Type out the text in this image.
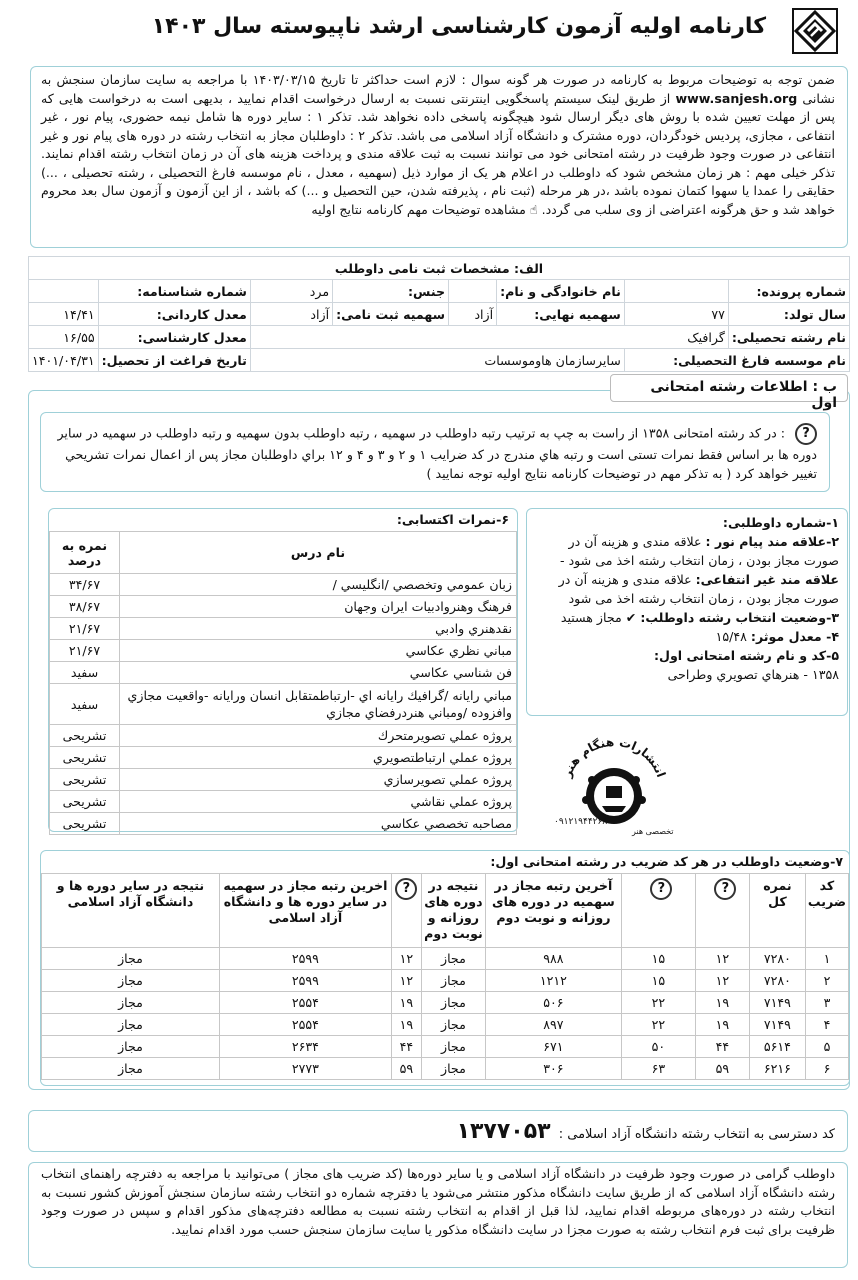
کارنامه اولیه آزمون کارشناسی ارشد ناپیوسته سال ۱۴۰۳
ضمن توجه به توضیحات مربوط به کارنامه در صورت هر گونه سوال : لازم است حداکثر تا تاریخ ۱۴۰۳/۰۳/۱۵ با مراجعه به سایت سازمان سنجش به نشانی www.sanjesh.org از طریق لینک سیستم پاسخگویی اینترنتی نسبت به ارسال درخواست اقدام نمایید ، بدیهی است به درخواست هایی که پس از مهلت تعیین شده با روش های دیگر ارسال شود هیچگونه پاسخی داده نخواهد شد. تذکر ۱ : سایر دوره ها شامل نیمه حضوری، پیام نور ، غیر انتفاعی ، مجازی، پردیس خودگردان، دوره مشترک و دانشگاه آزاد اسلامی می باشد. تذکر ۲ : داوطلبان مجاز به انتخاب رشته در دوره های پیام نور و غیر انتفاعی در صورت وجود ظرفیت در رشته امتحانی خود می توانند نسبت به ثبت علاقه مندی و پرداخت هزینه های آن در زمان انتخاب رشته اقدام نمایند. تذکر خیلی مهم : هر زمان مشخص شود که داوطلب در اعلام هر یک از موارد ذیل (سهمیه ، معدل ، نام موسسه فارغ التحصیلی ، رشته تحصیلی ، ...) حقایقی را عمدا یا سهوا کتمان نموده باشد ،در هر مرحله (ثبت نام ، پذیرفته شدن، حین التحصیل و ...) که باشد ، از این آزمون و آزمون سال بعد محروم خواهد شد و حق هرگونه اعتراضی از وی سلب می گردد. ☝ مشاهده توضیحات مهم کارنامه نتایج اولیه
الف: مشخصات ثبت نامی داوطلب							
شماره پرونده:		نام خانوادگی و نام:		جنس:	مرد	شماره شناسنامه:	
سال تولد:	۷۷	سهمیه نهایی:	آزاد	سهمیه ثبت نامی:	آزاد	معدل کاردانی:	۱۴/۴۱
نام رشته تحصیلی:	گرافیک					معدل کارشناسی:	۱۶/۵۵
نام موسسه فارغ التحصیلی:		سایرسازمان هاوموسسات				تاریخ فراغت از تحصیل:	۱۴۰۱/۰۴/۳۱
ب : اطلاعات رشته امتحانی اول
? : در کد رشته امتحانی ۱۳۵۸ از راست به چپ به ترتیب رتبه داوطلب در سهمیه ، رتبه داوطلب بدون سهمیه و رتبه داوطلب در سهمیه در سایر دوره ها بر اساس فقط نمرات تستی است و رتبه هاي مندرج در کد ضرایب ۱ و ۲ و ۳ و ۴ و ۱۲ براي داوطلبان مجاز پس از اعمال نمرات تشریحي تغییر خواهد کرد ( به تذکر مهم در توضیحات کارنامه نتایج اولیه توجه نمایید )
۱-شماره داوطلبی:
۲-علاقه مند پیام نور : علاقه مندی و هزینه آن در صورت مجاز بودن ، زمان انتخاب رشته اخذ می شود - علاقه مند غیر انتفاعی: علاقه مندی و هزینه آن در صورت مجاز بودن ، زمان انتخاب رشته اخذ می شود
۳-وضعیت انتخاب رشته داوطلب: ✔ مجاز هستید
۴- معدل موثر: ۱۵/۴۸
۵-کد و نام رشته امتحانی اول:
۱۳۵۸ - هنرهاي تصویري وطراحی
۶-نمرات اکتسابی:
نام درس	نمره به درصد
زبان عمومي وتخصصي /انگليسي /	۳۴/۶۷
فرهنگ وهنروادبيات ايران وجهان	۳۸/۶۷
نقدهنري وادبي	۲۱/۶۷
مباني نظري عكاسي	۲۱/۶۷
فن شناسي عكاسي	سفید
مباني رايانه /گرافيك رايانه اي -ارتباطمتقابل انسان ورايانه -واقعيت مجازي وافزوده /ومباني هنردرفضاي مجازي	سفید
پروژه عملي تصويرمتحرك	تشریحی
پروژه عملي ارتباطتصويري	تشریحی
پروژه عملي تصويرسازي	تشریحی
پروژه عملي نقاشي	تشریحی
مصاحبه تخصصي عكاسي	تشریحی
انتشارات هنگام هنر
۰۹۱۲۱۹۴۴۲۶۸
تخصصی هنر
۷-وضعیت داوطلب در هر کد ضریب در رشته امتحانی اول:
کد ضریب	نمره کل	?	?	آخرین رتبه مجاز در سهمیه در دوره های روزانه و نوبت دوم	نتیجه در دوره های روزانه و نوبت دوم	?	اخرین رتبه مجاز در سهمیه در سایر دوره ها و دانشگاه آزاد اسلامی	نتیجه در سایر دوره ها و دانشگاه آزاد اسلامی
۱	۷۲۸۰	۱۲	۱۵	۹۸۸	مجاز	۱۲	۲۵۹۹	مجاز
۲	۷۲۸۰	۱۲	۱۵	۱۲۱۲	مجاز	۱۲	۲۵۹۹	مجاز
۳	۷۱۴۹	۱۹	۲۲	۵۰۶	مجاز	۱۹	۲۵۵۴	مجاز
۴	۷۱۴۹	۱۹	۲۲	۸۹۷	مجاز	۱۹	۲۵۵۴	مجاز
۵	۵۶۱۴	۴۴	۵۰	۶۷۱	مجاز	۴۴	۲۶۳۴	مجاز
۶	۶۲۱۶	۵۹	۶۳	۳۰۶	مجاز	۵۹	۲۷۷۳	مجاز
کد دسترسی به انتخاب رشته دانشگاه آزاد اسلامی : ۱۳۷۷۰۵۳
داوطلب گرامی در صورت وجود ظرفیت در دانشگاه آزاد اسلامی و یا سایر دوره‌ها (کد ضریب های مجاز ) می‌توانید با مراجعه به دفترچه راهنمای انتخاب رشته دانشگاه آزاد اسلامی که از طریق سایت دانشگاه مذکور منتشر می‌شود یا دفترچه شماره دو انتخاب رشته سازمان سنجش آموزش کشور نسبت به انتخاب رشته در دوره‌های مربوطه اقدام نمایید، لذا قبل از اقدام به انتخاب رشته نسبت به مطالعه دفترچه‌های مذکور اقدام و سپس در صورت وجود ظرفیت برای ثبت فرم انتخاب رشته به صورت مجزا در سایت دانشگاه مذکور یا سایت سازمان سنجش حسب مورد اقدام نمایید.
